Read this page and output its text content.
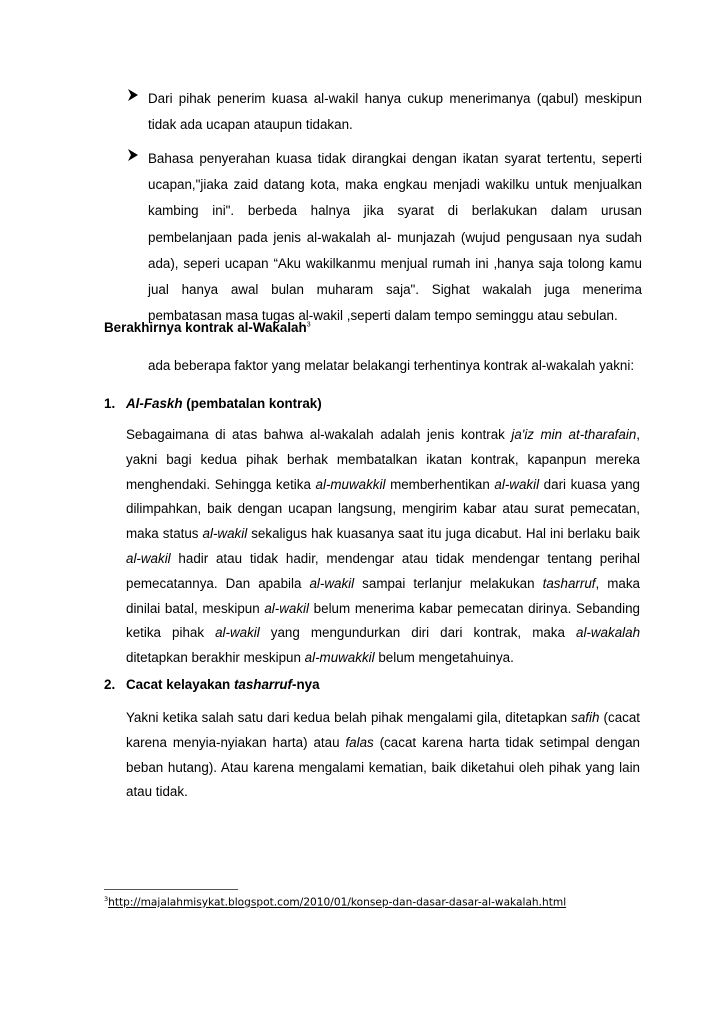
Dari pihak penerim kuasa al-wakil hanya cukup menerimanya (qabul) meskipun
tidak ada ucapan ataupun tidakan.
Bahasa penyerahan kuasa tidak dirangkai dengan ikatan syarat tertentu, seperti
ucapan,"jiaka zaid datang kota, maka engkau menjadi wakilku untuk menjualkan
kambing ini". berbeda halnya jika syarat di berlakukan dalam urusan
pembelanjaan pada jenis al-wakalah al- munjazah (wujud pengusaan nya sudah
ada), seperi ucapan “Aku wakilkanmu menjual rumah ini ,hanya saja tolong kamu
jual hanya awal bulan muharam saja". Sighat wakalah juga menerima
pembatasan masa tugas al-wakil ,seperti dalam tempo seminggu atau sebulan.
Berakhirnya kontrak al-Wakalah$^3$
ada beberapa faktor yang melatar belakangi terhentinya kontrak al-wakalah yakni:
1. Al-Faskh (pembatalan kontrak)
Sebagaimana di atas bahwa al-wakalah adalah jenis kontrak ja'iz min at-tharafain,
yakni bagi kedua pihak berhak membatalkan ikatan kontrak, kapanpun mereka
menghendaki. Sehingga ketika al-muwakkil memberhentikan al-wakil dari kuasa yang
dilimpahkan, baik dengan ucapan langsung, mengirim kabar atau surat pemecatan,
maka status al-wakil sekaligus hak kuasanya saat itu juga dicabut. Hal ini berlaku baik
al-wakil hadir atau tidak hadir, mendengar atau tidak mendengar tentang perihal
pemecatannya. Dan apabila al-wakil sampai terlanjur melakukan tasharruf, maka
dinilai batal, meskipun al-wakil belum menerima kabar pemecatan dirinya. Sebanding
ketika pihak al-wakil yang mengundurkan diri dari kontrak, maka al-wakalah
ditetapkan berakhir meskipun al-muwakkil belum mengetahuinya.
2. Cacat kelayakan tasharruf-nya
Yakni ketika salah satu dari kedua belah pihak mengalami gila, ditetapkan safih (cacat
karena menyia-nyiakan harta) atau falas (cacat karena harta tidak setimpal dengan
beban hutang). Atau karena mengalami kematian, baik diketahui oleh pihak yang lain
atau tidak.
$^3$http://majalahmisykat.blogspot.com/2010/01/konsep-dan-dasar-dasar-al-wakalah.html
